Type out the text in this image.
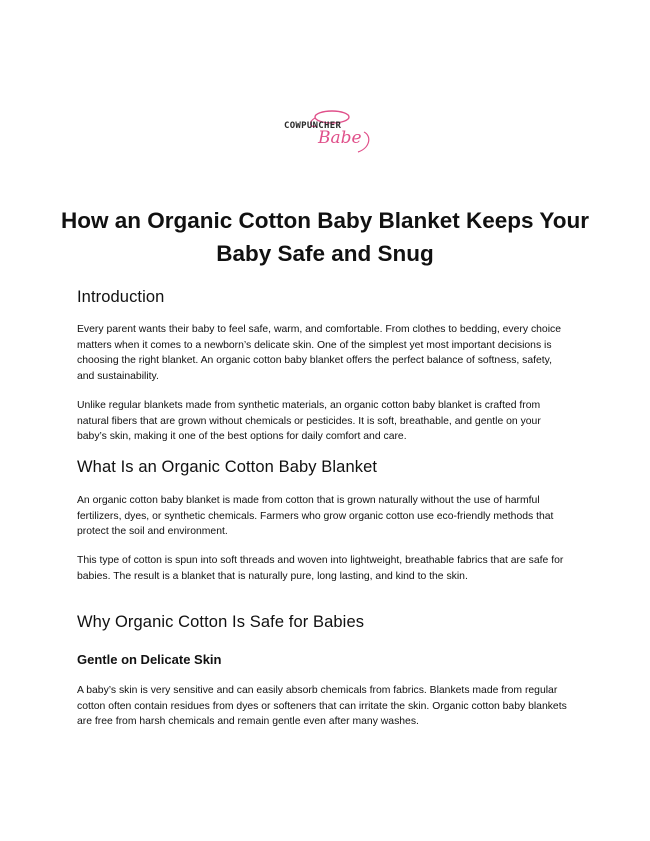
COWPUNCHER
Babe
How an Organic Cotton Baby Blanket Keeps Your Baby Safe and Snug
Introduction

Every parent wants their baby to feel safe, warm, and comfortable. From clothes to bedding, every choice matters when it comes to a newborn’s delicate skin. One of the simplest yet most important decisions is choosing the right blanket. An organic cotton baby blanket offers the perfect balance of softness, safety, and sustainability.

Unlike regular blankets made from synthetic materials, an organic cotton baby blanket is crafted from natural fibers that are grown without chemicals or pesticides. It is soft, breathable, and gentle on your baby’s skin, making it one of the best options for daily comfort and care.

What Is an Organic Cotton Baby Blanket

An organic cotton baby blanket is made from cotton that is grown naturally without the use of harmful fertilizers, dyes, or synthetic chemicals. Farmers who grow organic cotton use eco-friendly methods that protect the soil and environment.

This type of cotton is spun into soft threads and woven into lightweight, breathable fabrics that are safe for babies. The result is a blanket that is naturally pure, long lasting, and kind to the skin.

Why Organic Cotton Is Safe for Babies
Gentle on Delicate Skin

A baby’s skin is very sensitive and can easily absorb chemicals from fabrics. Blankets made from regular cotton often contain residues from dyes or softeners that can irritate the skin. Organic cotton baby blankets are free from harsh chemicals and remain gentle even after many washes.
